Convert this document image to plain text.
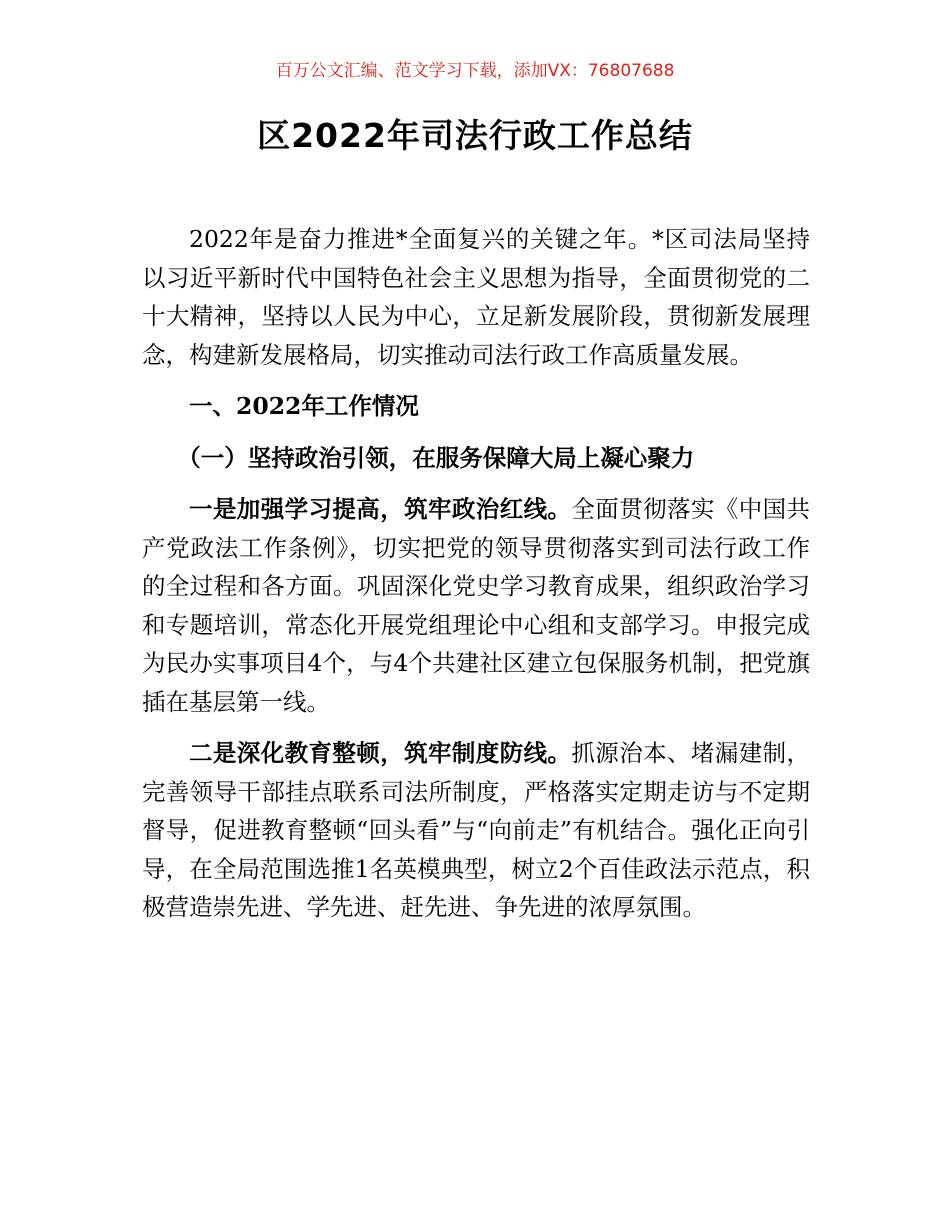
百万公文汇编、范文学习下载，添加VX：76807688
区2022年司法行政工作总结

2022年是奋力推进*全面复兴的关键之年。*区司法局坚持以习近平新时代中国特色社会主义思想为指导，全面贯彻党的二十大精神，坚持以人民为中心，立足新发展阶段，贯彻新发展理念，构建新发展格局，切实推动司法行政工作高质量发展。

一、2022年工作情况

（一）坚持政治引领，在服务保障大局上凝心聚力

一是加强学习提高，筑牢政治红线。全面贯彻落实《中国共产党政法工作条例》，切实把党的领导贯彻落实到司法行政工作的全过程和各方面。巩固深化党史学习教育成果，组织政治学习和专题培训，常态化开展党组理论中心组和支部学习。申报完成为民办实事项目4个，与4个共建社区建立包保服务机制，把党旗插在基层第一线。

二是深化教育整顿，筑牢制度防线。抓源治本、堵漏建制，完善领导干部挂点联系司法所制度，严格落实定期走访与不定期督导，促进教育整顿“回头看”与“向前走”有机结合。强化正向引导，在全局范围选推1名英模典型，树立2个百佳政法示范点，积极营造崇先进、学先进、赶先进、争先进的浓厚氛围。
